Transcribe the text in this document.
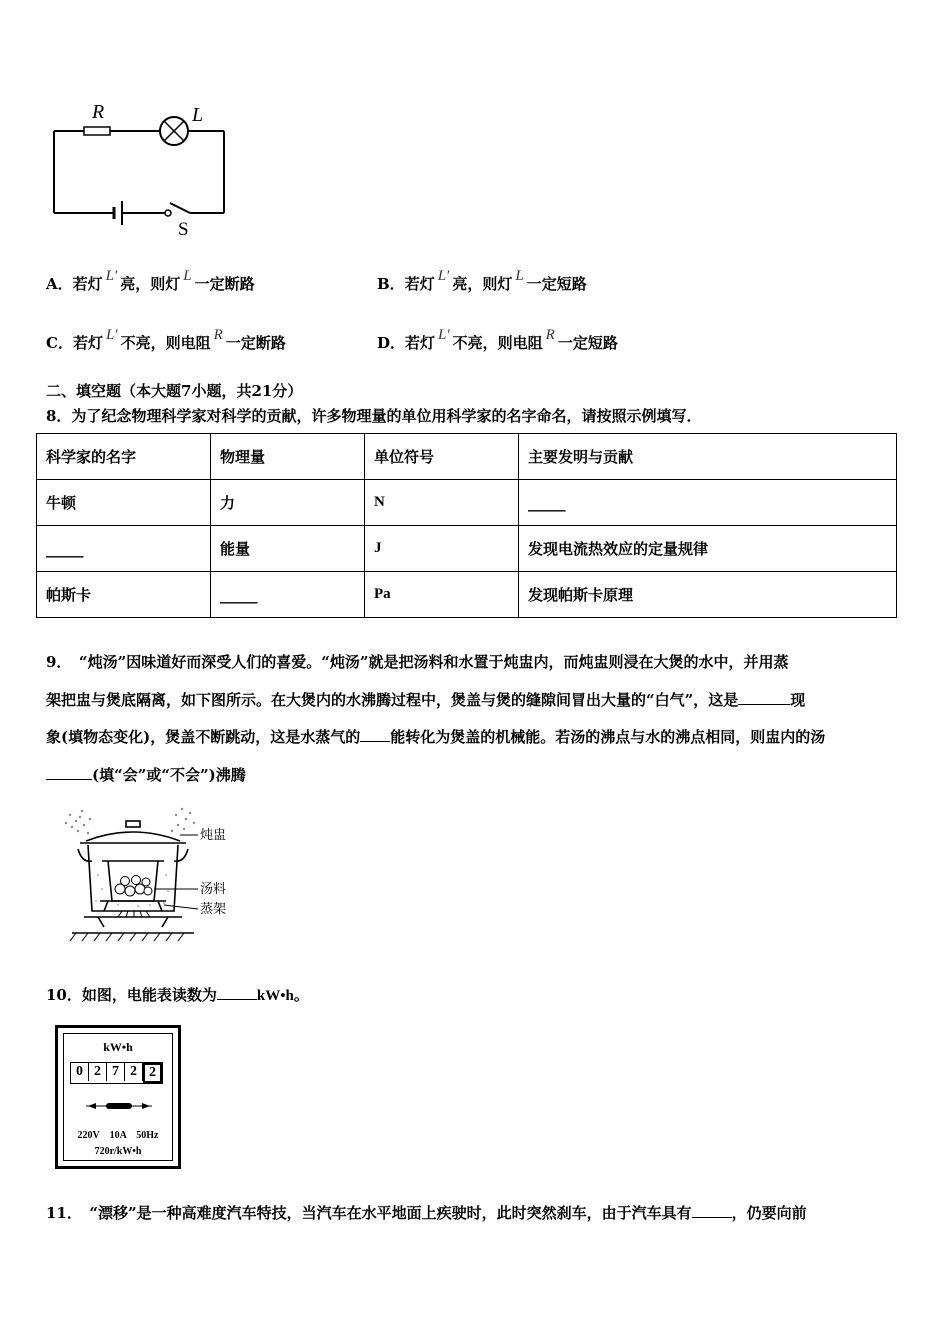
R	L
S
A．若灯 L′ 亮，则灯 L 一定断路	B．若灯 L′ 亮，则灯 L 一定短路
C．若灯 L′ 不亮，则电阻 R 一定断路	D．若灯 L′ 不亮，则电阻 R 一定短路
二、填空题（本大题7小题，共21分）
8．为了纪念物理科学家对科学的贡献，许多物理量的单位用科学家的名字命名，请按照示例填写．
科学家的名字	物理量	单位符号	主要发明与贡献
牛顿	力	N	_____
_____	能量	J	发现电流热效应的定量规律
帕斯卡	_____	Pa	发现帕斯卡原理
9．　“炖汤”因味道好而深受人们的喜爱。“炖汤”就是把汤料和水置于炖盅内，而炖盅则浸在大煲的水中，并用蒸
架把盅与煲底隔离，如下图所示。在大煲内的水沸腾过程中，煲盖与煲的缝隙间冒出大量的“白气”，这是	现
象(填物态变化)，煲盖不断跳动，这是水蒸气的 能转化为煲盖的机械能。若汤的沸点与水的沸点相同，则盅内的汤
(填“会”或“不会”)沸腾
炖盅
汤料
蒸架
10．如图，电能表读数为	kW•h。
kW•h
0 2 7 2 2
220V　10A　50Hz
720r/kW•h
11．　“漂移”是一种高难度汽车特技，当汽车在水平地面上疾驶时，此时突然刹车，由于汽车具有	，仍要向前
